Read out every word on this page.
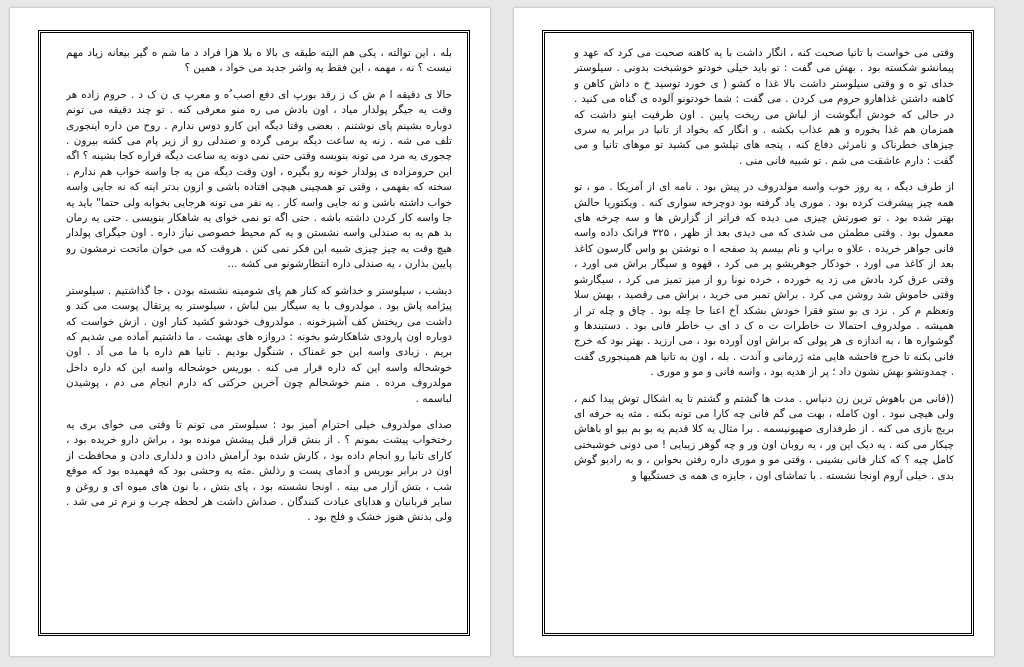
بله ، این توالته ، یکی هم البته طبقه ی بالا ه بلا هزا فراد د ما شم ه گیر بیعانه زیاد مهم نیست ؟ نه ، مهمه ، این فقط یه واشر جدید می خواد ، همین ؟

حالا ی دقیقه ا م ش ک ز رقد بورپ ای دفع اصب ُه و معرپ ی ن ک د . حروم زاده هر وقت یه جیگر پولدار میاد ، اون بادش می ره منو معرفی کنه . تو چند دقیقه می تونم دوباره بشینم پای نوشتنم . بعضی وقتا دیگه این کارو دوس ندارم . روح من داره اینجوری تلف می شه . زنه یه ساعت دیگه برمی گرده و صندلی رو از زیر پام می کشه بیرون . چجوری یه مرد می تونه بنویسه وقتی حتی نمی دونه یه ساعت دیگه قراره کجا بشینه ؟ اگه این حرومزاده ی پولدار خونه رو بگیره ، اون وقت دیگه من یه جا واسه خواب هم ندارم . سخته که بفهمی ، وقتی تو همچینی هیچی افتاده باشی و ازون بدتر اینه که نه جایی واسه خواب داشته باشی و نه جایی واسه کار . یه نفر می تونه هرجایی بخوابه ولی حتما" باید یه جا واسه کار کردن داشته باشه . حتی اگه تو نمی خوای یه شاهکار بنویسی . حتی یه رمان بد هم یه به صندلی واسه نشستن و یه کم محیط خصوصی نیاز داره . اون جیگرای پولدار هیچ وقت یه چیز چیزی شبیه این فکر نمی کنن . هروقت که می خوان ماتحت نرمشون رو پایین بذارن ، یه صندلی داره انتظارشونو می کشه ...

دیشب ، سیلوستر و خداشو که کنار هم پای شومینه نشسته بودن ، جا گذاشتیم . سیلوستر پیژامه پاش بود . مولدروف با یه سیگار بین لباش ، سیلوستر یه پرتقال پوست می کند و داشت می ریختش کف آشپزخونه . مولدروف خودشو کشید کنار اون . ازش خواست که دوباره اون پارودی شاهکارشو بخونه : دروازه های بهشت . ما داشتیم آماده می شدیم که بریم . زیادی واسه این جو غمناک ، شنگول بودیم . تانیا هم داره با ما می آد . اون خوشحاله واسه این که داره فرار می کنه . بوریس خوشحاله واسه این که داره داخل مولدروف مرده . منم خوشحالم چون آخرین حرکتی که دارم انجام می دم ، پوشیدن لباسمه .

صدای مولدروف خیلی احترام آمیز بود : سیلوستر می تونم تا وقتی می خوای بری یه رختخواب پیشت بمونم ؟ . از بنش قرار قبل پیشش مونده بود ، براش دارو خریده بود ، کارای تانیا رو انجام داده بود ، کارش شده بود آرامش دادن و دلداری دادن و محافظت از اون در برابر بوریس و آدمای پست و رذلش .مثه یه وحشی بود که فهمیده بود که موقع شب ، بتش آزار می بینه . اونجا نشسته بود ، پای بتش ، با نون های میوه ای و روغن و سایر قربانیان و هدایای عبادت کنندگان . صداش داشت هر لحظه چرب و نرم تر می شد . ولی بدنش هنوز خشک و فلج بود .

وقتی می خواست با تانیا صحبت کنه ، انگار داشت با یه کاهنه صحبت می کرد که عهد و پیمانشو شکسته بود . بهش می گفت : تو باید خیلی خودتو خوشبخت بدونی . سیلوستر خدای تو ه و وقتی سیلوستر داشت بالا غذا ه کشو ( ی خورد توسید خ ه داش کاهن و کاهنه داشتن غذاهارو حروم می کردن . می گفت : شما خودتونو آلوده ی گناه می کنید . در حالی که خودش آبگوشت از لباش می ریخت پایین . اون ظرفیت اینو داشت که همزمان هم غذا بخوره و هم عذاب بکشه . و انگار که بخواد از تانیا در برابر یه سری چیزهای خطرناک و نامرئی دفاع کنه ، پنجه های تپلشو می کشید تو موهای تانیا و می گفت : دارم عاشقت می شم . تو شبیه فانی منی .

از طرف دیگه ، یه روز خوب واسه مولدروف در پیش بود . نامه ای از آمریکا . مو ، تو همه چیز پیشرفت کرده بود . موری یاد گرفته بود دوچرخه سواری کنه . ویکتوریا حالش بهتر شده بود . تو صورتش چیزی می دیده که فراتر از گزارش ها و سه چرخه های معمول بود . وقتی مطمئن می شدی که می دیدی بعد از ظهر ، ۳۲۵ فرانک داده واسه فانی جواهر خریده . علاو ه براپ و نام بیسم پد صفحه ا ه نوشتن بو واس گارسون کاغذ بعد از کاغذ می اورد ، خودکار جوهریشو پر می کرد ، قهوه و سیگار براش می اورد ، وقتی عرق کرد بادش می زد یه خورده ، خرده نونا رو از میز تمیز می کرد ، سیگارشو وقتی خاموش شد روشن می کرد . براش تمبر می خرید ، براش می رقصید ، بهش سلا وتعظم م کر . نزد ی بو ستو فقرا خودش بشکد آخ اعنا جا چله بود . چاق و چله تر از همیشه . مولدروف احتمالا ت خاطرات ت ه ک د ای ب خاطر فانی بود . دستبندها و گوشواره ها ، به اندازه ی هر پولی که براش اون آورده بود ، می ارزید . بهتر بود که خرج فانی بکنه تا خرج فاحشه هایی مثه ژرمانی و آندت . بله ، اون به تانیا هم همینجوری گفت . چمدونشو بهش نشون داد ؛ پر از هدیه بود ، واسه فانی و مو و موری .

((فانی من باهوش ترین زن دنیاس . مدت ها گشتم و گشتم تا یه اشکال توش پیدا کنم ، ولی هیچی نبود . اون کامله ، بهت می گم فانی چه کارا می تونه بکنه . مثه یه حرفه ای بریج بازی می کنه . از طرفداری صهیونیسمه . برا مثال یه کلا قدیم یه بو بم بیو او باهاش چیکار می کنه . یه دیک این ور ، یه روبان اون ور و چه گوهر زیبایی ! می دونی خوشبختی کامل چیه ؟ که کنار فانی بشینی ، وقتی مو و موری داره رفتن بخوابن ، و به رادیو گوش بدی . خیلی آروم اونجا نشسته . با تماشای اون ، جایزه ی همه ی خستگیها و
